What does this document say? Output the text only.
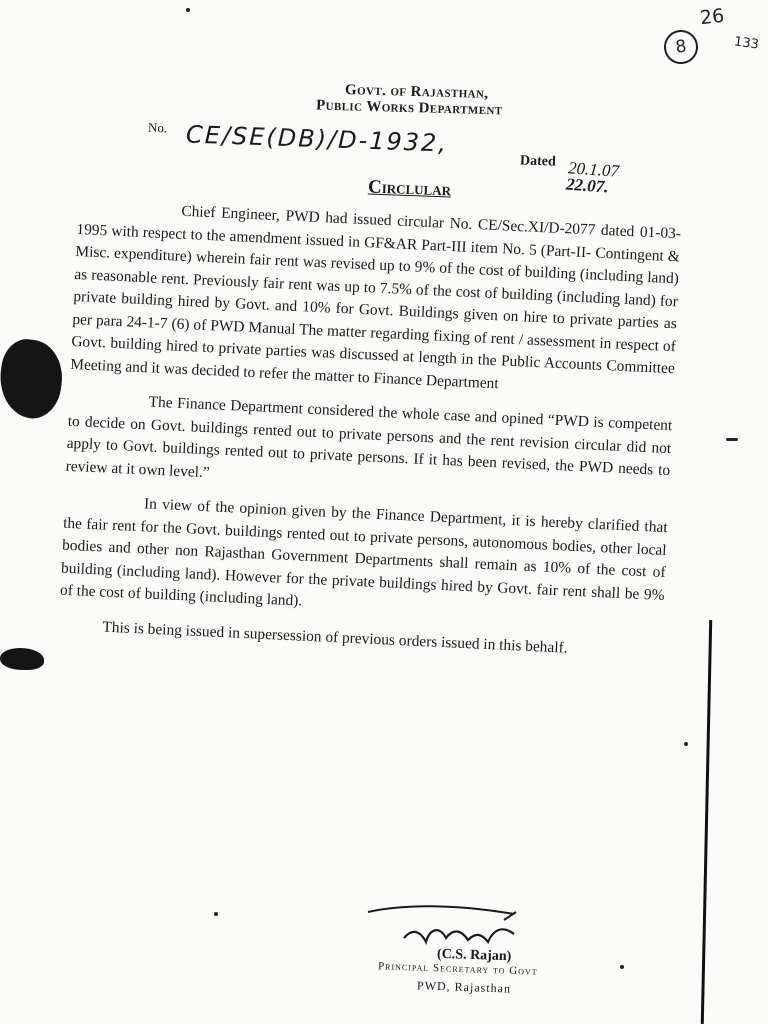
26
8	133
Govt. of Rajasthan,
Public Works Department
No. CE/SE(DB)/D-1932,
Dated 20.1.07
22.07.
Circlular

Chief Engineer, PWD had issued circular No. CE/Sec.XI/D-2077 dated 01-03-1995 with respect to the amendment issued in GF&AR Part-III item No. 5 (Part-II- Contingent & Misc. expenditure) wherein fair rent was revised up to 9% of the cost of building (including land) as reasonable rent. Previously fair rent was up to 7.5% of the cost of building (including land) for private building hired by Govt. and 10% for Govt. Buildings given on hire to private parties as per para 24-1-7 (6) of PWD Manual The matter regarding fixing of rent / assessment in respect of Govt. building hired to private parties was discussed at length in the Public Accounts Committee Meeting and it was decided to refer the matter to Finance Department

The Finance Department considered the whole case and opined “PWD is competent to decide on Govt. buildings rented out to private persons and the rent revision circular did not apply to Govt. buildings rented out to private persons. If it has been revised, the PWD needs to review at it own level.”

In view of the opinion given by the Finance Department, it is hereby clarified that the fair rent for the Govt. buildings rented out to private persons, autonomous bodies, other local bodies and other non Rajasthan Government Departments shall remain as 10% of the cost of building (including land). However for the private buildings hired by Govt. fair rent shall be 9% of the cost of building (including land).

This is being issued in supersession of previous orders issued in this behalf.

(C.S. Rajan)
Principal Secretary to Govt
PWD, Rajasthan
